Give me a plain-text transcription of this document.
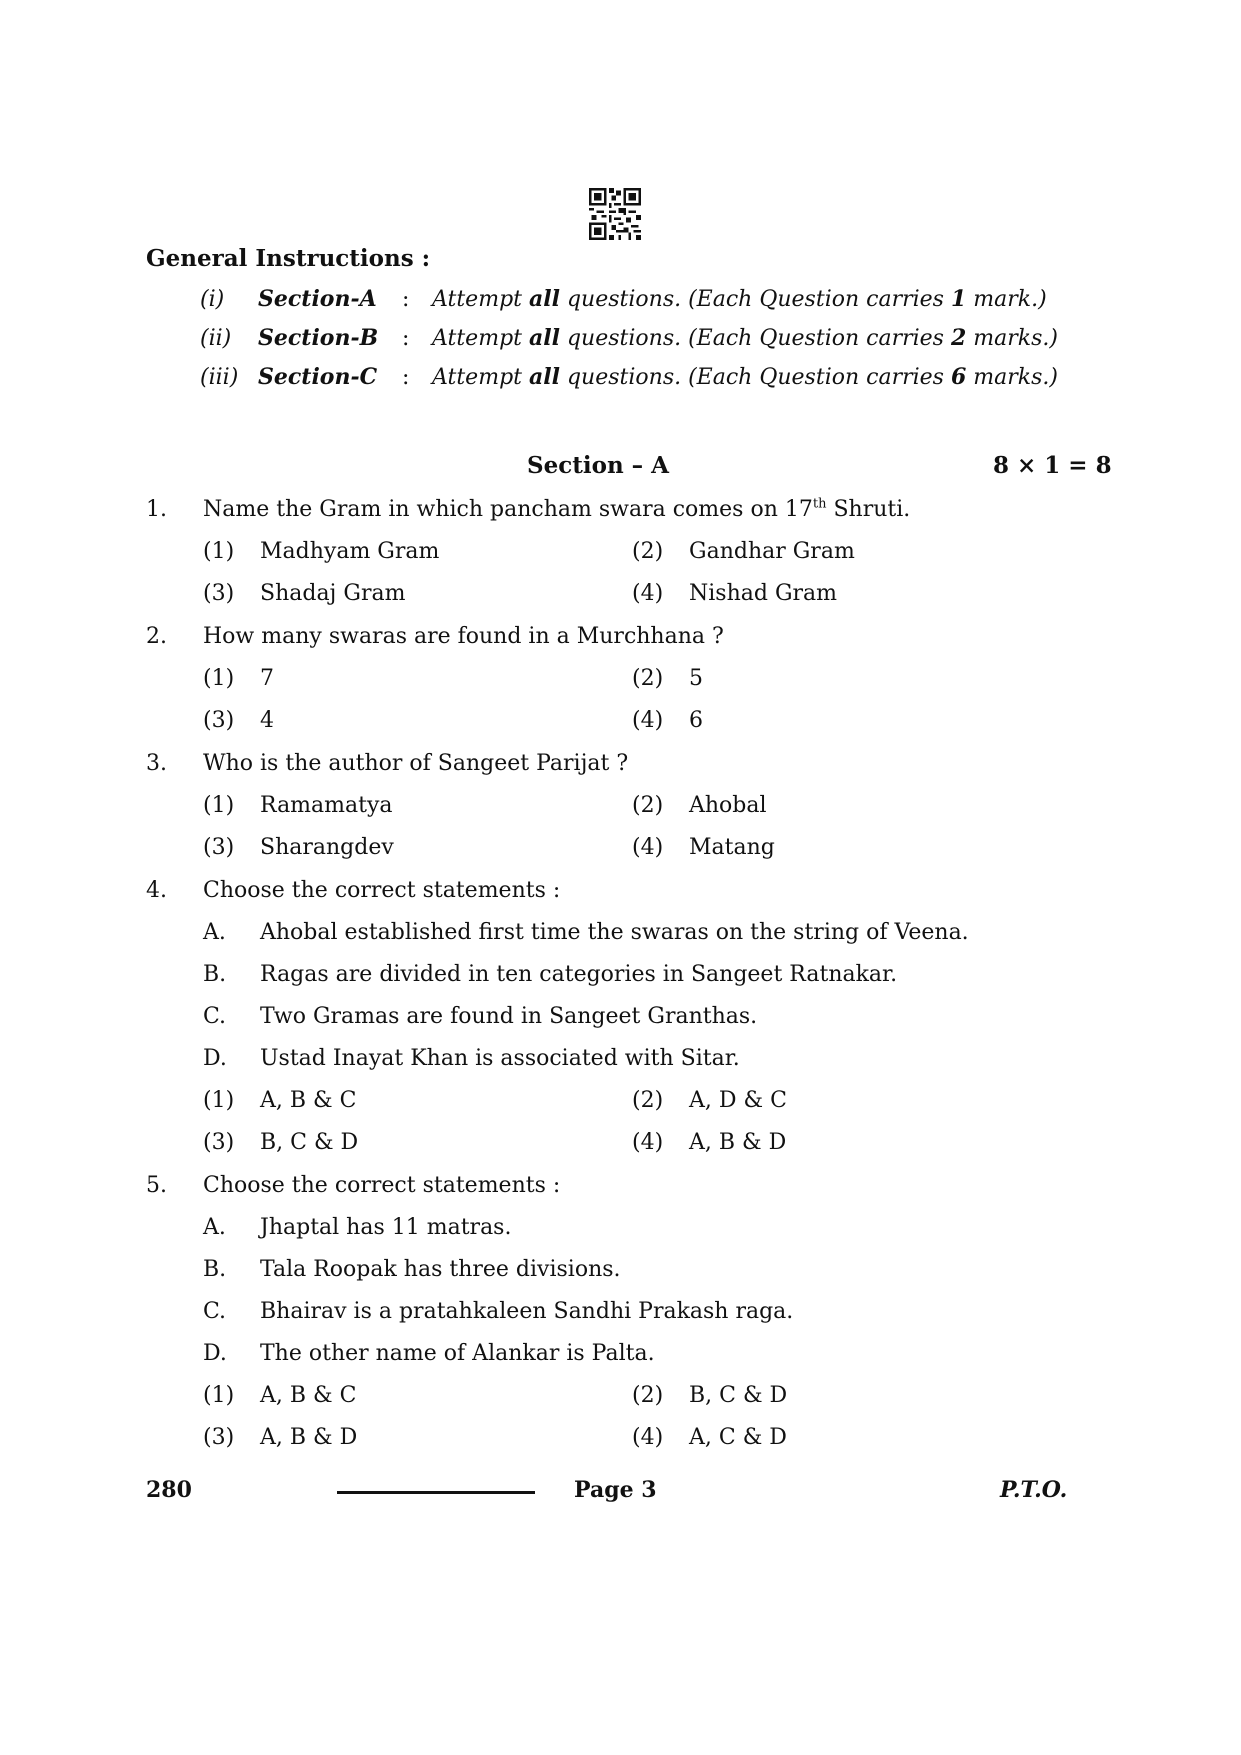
General Instructions :
(i) Section-A : Attempt all questions. (Each Question carries 1 mark.)
(ii) Section-B : Attempt all questions. (Each Question carries 2 marks.)
(iii) Section-C : Attempt all questions. (Each Question carries 6 marks.)
Section – A	8 × 1 = 8
1. Name the Gram in which pancham swara comes on 17th Shruti.
(1) Madhyam Gram	(2) Gandhar Gram
(3) Shadaj Gram	(4) Nishad Gram
2. How many swaras are found in a Murchhana ?
(1) 7	(2) 5
(3) 4	(4) 6
3. Who is the author of Sangeet Parijat ?
(1) Ramamatya	(2) Ahobal
(3) Sharangdev	(4) Matang
4. Choose the correct statements :
A. Ahobal established first time the swaras on the string of Veena.
B. Ragas are divided in ten categories in Sangeet Ratnakar.
C. Two Gramas are found in Sangeet Granthas.
D. Ustad Inayat Khan is associated with Sitar.
(1) A, B & C	(2) A, D & C
(3) B, C & D	(4) A, B & D
5. Choose the correct statements :
A. Jhaptal has 11 matras.
B. Tala Roopak has three divisions.
C. Bhairav is a pratahkaleen Sandhi Prakash raga.
D. The other name of Alankar is Palta.
(1) A, B & C	(2) B, C & D
(3) A, B & D	(4) A, C & D
280	Page 3	P.T.O.
